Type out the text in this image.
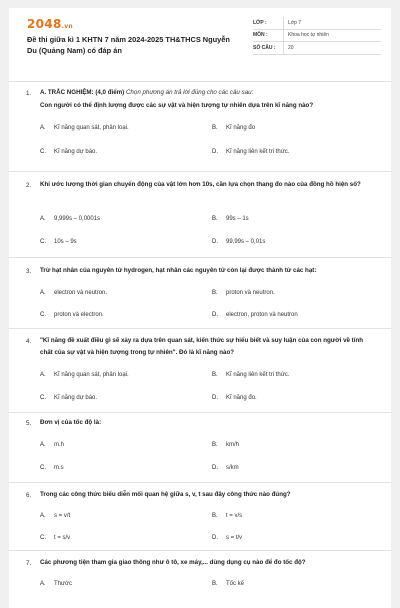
2048.vn
Đề thi giữa kì 1 KHTN 7 năm 2024-2025 TH&THCS Nguyễn Du (Quảng Nam) có đáp án
LỚP :	Lớp 7
MÔN :	Khoa học tự nhiên
SỐ CÂU :	20
1. A. TRẮC NGHIỆM: (4,0 điểm) Chọn phương án trả lời đúng cho các câu sau:
Con người có thể định lượng được các sự vật và hiện tượng tự nhiên dựa trên kĩ năng nào?
A. Kĩ năng quan sát, phân loại.	B. Kĩ năng đo
C. Kĩ năng dự báo.	D. Kĩ năng liên kết tri thức.
2. Khi ước lượng thời gian chuyển động của vật lớn hơn 10s, cần lựa chọn thang đo nào của đồng hồ hiện số?
A. 9,999s – 0,0001s	B. 99s – 1s
C. 10s – 9s	D. 99,99s – 0,01s
3. Trừ hạt nhân của nguyên tử hydrogen, hạt nhân các nguyên tử còn lại được thành từ các hạt:
A. electron và neutron.	B. proton và neutron.
C. proton và electron.	D. electron, proton và neutron
4. "Kĩ năng đề xuất điều gì sẽ xảy ra dựa trên quan sát, kiến thức sự hiểu biết và suy luận của con người về tính chất của sự vật và hiện tượng trong tự nhiên". Đó là kĩ năng nào?
A. Kĩ năng quan sát, phân loại.	B. Kĩ năng liên kết tri thức.
C. Kĩ năng dự báo.	D. Kĩ năng đo.
5. Đơn vị của tốc độ là:
A. m.h	B. km/h
C. m.s	D. s/km
6. Trong các công thức biểu diễn mối quan hệ giữa s, v, t sau đây công thức nào đúng?
A. s = v/t	B. t = v/s
C. t = s/v	D. s = t/v
7. Các phương tiện tham gia giao thông như ô tô, xe máy,... dùng dụng cụ nào để đo tốc độ?
A. Thước	B. Tốc kế
